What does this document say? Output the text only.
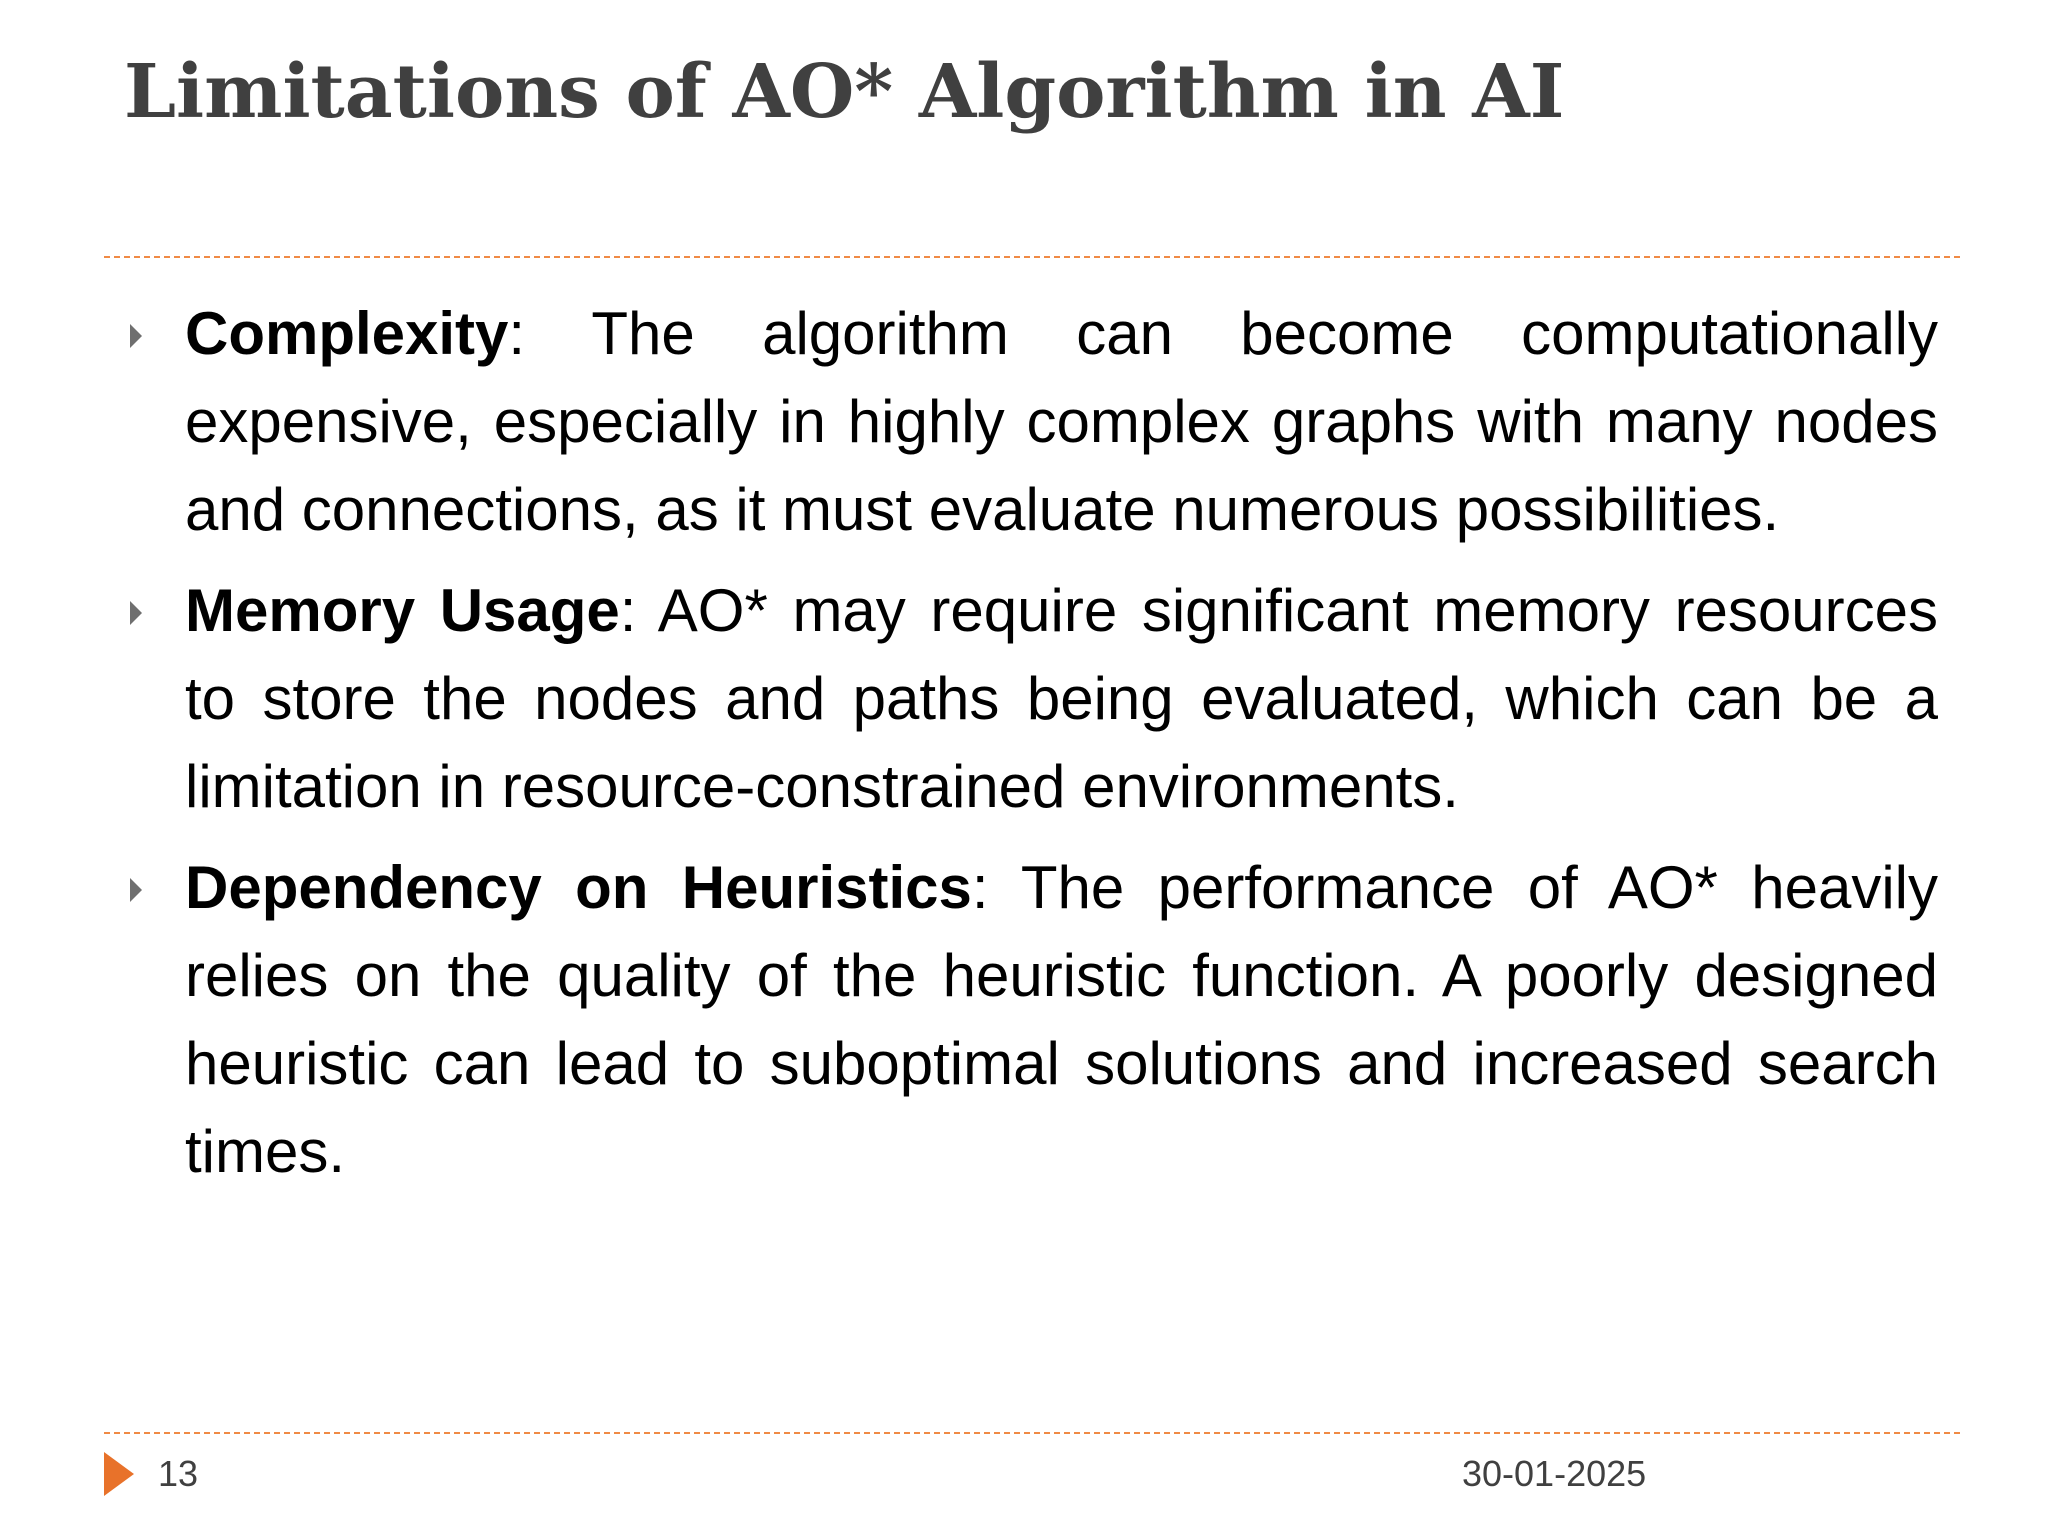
Limitations of AO* Algorithm in AI
Complexity: The algorithm can become computationally expensive, especially in highly complex graphs with many nodes and connections, as it must evaluate numerous possibilities.
Memory Usage: AO* may require significant memory resources to store the nodes and paths being evaluated, which can be a limitation in resource-constrained environments.
Dependency on Heuristics: The performance of AO* heavily relies on the quality of the heuristic function. A poorly designed heuristic can lead to suboptimal solutions and increased search times.
13	30-01-2025
